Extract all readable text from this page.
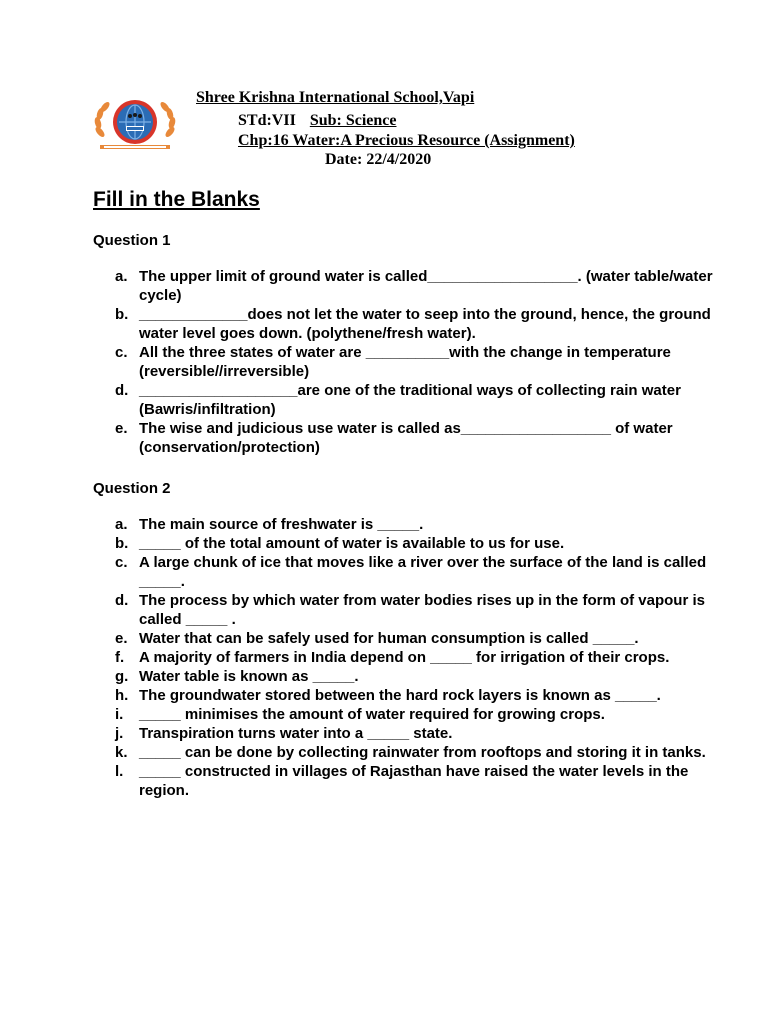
Shree Krishna International School,Vapi
STd:VII Sub: Science
Chp:16 Water:A Precious Resource (Assignment)
Date: 22/4/2020
Fill in the Blanks
Question 1
a. The upper limit of ground water is called__________________. (water table/water cycle)
b. _____________does not let the water to seep into the ground, hence, the ground water level goes down. (polythene/fresh water).
c. All the three states of water are __________with the change in temperature (reversible//irreversible)
d. ___________________are one of the traditional ways of collecting rain water (Bawris/infiltration)
e. The wise and judicious use water is called as__________________ of water (conservation/protection)
Question 2
a. The main source of freshwater is _____.
b. _____ of the total amount of water is available to us for use.
c. A large chunk of ice that moves like a river over the surface of the land is called _____.
d. The process by which water from water bodies rises up in the form of vapour is called _____ .
e. Water that can be safely used for human consumption is called _____.
f. A majority of farmers in India depend on _____ for irrigation of their crops.
g. Water table is known as _____.
h. The groundwater stored between the hard rock layers is known as _____.
i. _____ minimises the amount of water required for growing crops.
j. Transpiration turns water into a _____ state.
k. _____ can be done by collecting rainwater from rooftops and storing it in tanks.
l. _____ constructed in villages of Rajasthan have raised the water levels in the region.
